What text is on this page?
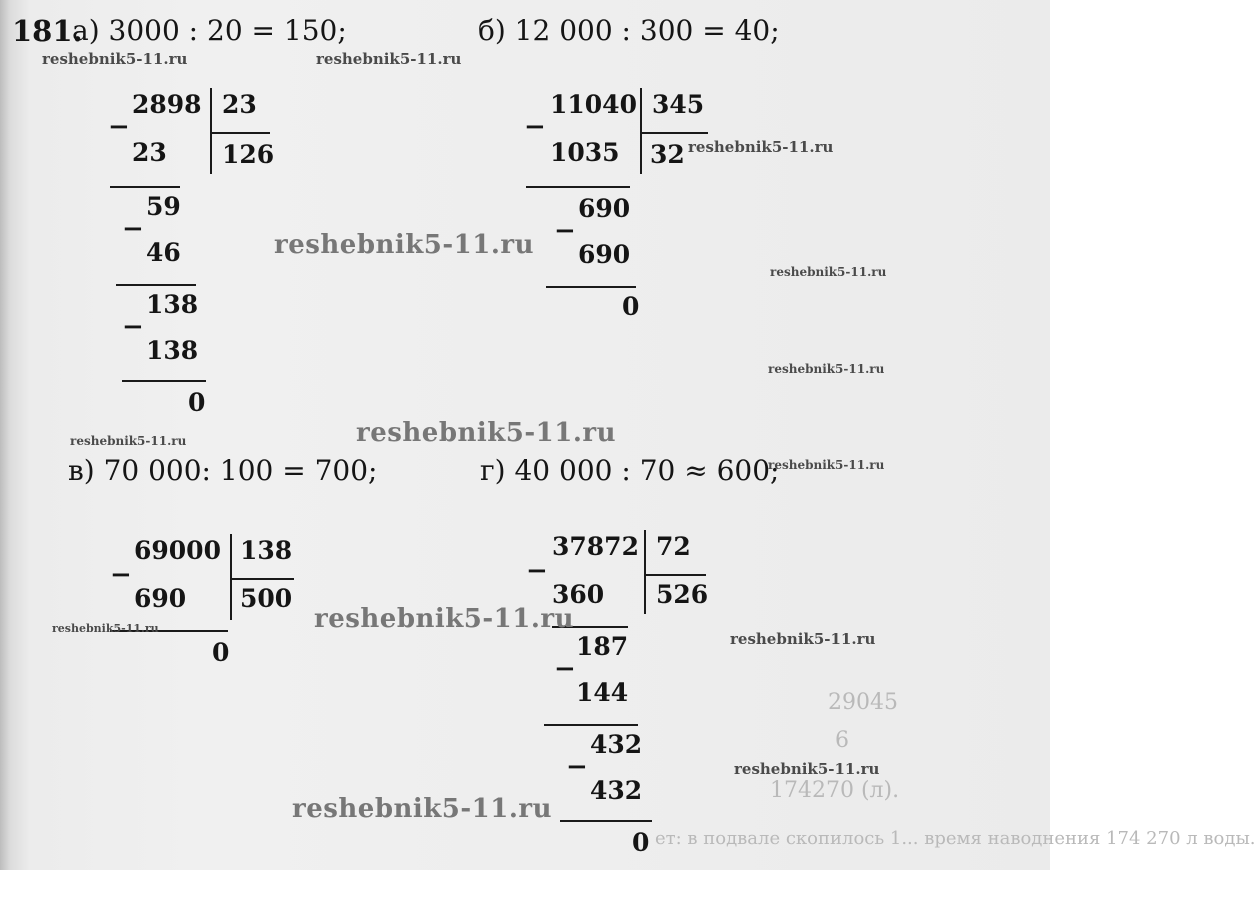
29045
6
174270 (л).
ет: в подвале скопилось 1... время наводнения 174 270 л воды.
181.
а) 3000 : 20 = 150;	б) 12 000 : 300 = 40;
в) 70 000: 100 = 700;	г) 40 000 : 70 ≈ 600;
−
2898
23
23
126
59
−
46
138
−
138
0
−
11040
1035
345
32
690
−
690
0
−
69000
690
138
500
0
−
37872
360
72
526
187
−
144
432
−
432
0
reshebnik5-11.ru	reshebnik5-11.ru
reshebnik5-11.ru
reshebnik5-11.ru
reshebnik5-11.ru
reshebnik5-11.ru
reshebnik5-11.ru	reshebnik5-11.ru
reshebnik5-11.ru
reshebnik5-11.ru	reshebnik5-11.ru
reshebnik5-11.ru
reshebnik5-11.ru
reshebnik5-11.ru
